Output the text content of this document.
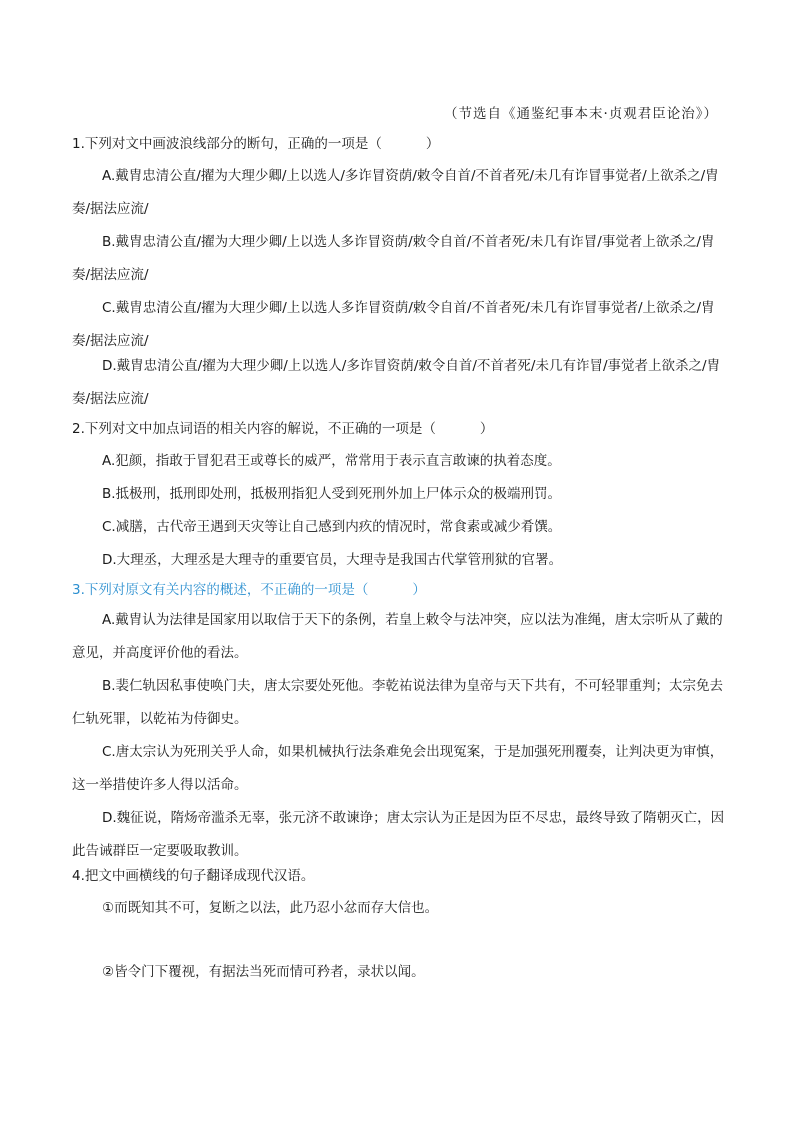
（节选自《通鉴纪事本末·贞观君臣论治》）
1.下列对文中画波浪线部分的断句，正确的一项是（	）
A.戴胄忠清公直/擢为大理少卿/上以选人/多诈冒资荫/敕令自首/不首者死/未几有诈冒事觉者/上欲杀之/胄奏/据法应流/
B.戴胄忠清公直/擢为大理少卿/上以选人多诈冒资荫/敕令自首/不首者死/未几有诈冒/事觉者上欲杀之/胄奏/据法应流/
C.戴胄忠清公直/擢为大理少卿/上以选人多诈冒资荫/敕令自首/不首者死/未几有诈冒事觉者/上欲杀之/胄奏/据法应流/
D.戴胄忠清公直/擢为大理少卿/上以选人/多诈冒资荫/敕令自首/不首者死/未几有诈冒/事觉者上欲杀之/胄奏/据法应流/
2.下列对文中加点词语的相关内容的解说，不正确的一项是（	）
A.犯颜，指敢于冒犯君王或尊长的威严，常常用于表示直言敢谏的执着态度。
B.抵极刑，抵刑即处刑，抵极刑指犯人受到死刑外加上尸体示众的极端刑罚。
C.减膳，古代帝王遇到天灾等让自己感到内疚的情况时，常食素或减少肴馔。
D.大理丞，大理丞是大理寺的重要官员，大理寺是我国古代掌管刑狱的官署。
3.下列对原文有关内容的概述，不正确的一项是（	）
A.戴胄认为法律是国家用以取信于天下的条例，若皇上敕令与法冲突，应以法为准绳，唐太宗听从了戴的意见，并高度评价他的看法。
B.裴仁轨因私事使唤门夫，唐太宗要处死他。李乾祐说法律为皇帝与天下共有，不可轻罪重判；太宗免去仁轨死罪，以乾祐为侍御史。
C.唐太宗认为死刑关乎人命，如果机械执行法条难免会出现冤案，于是加强死刑覆奏，让判决更为审慎，这一举措使许多人得以活命。
D.魏征说，隋炀帝滥杀无辜，张元济不敢谏诤；唐太宗认为正是因为臣不尽忠，最终导致了隋朝灭亡，因此告诫群臣一定要吸取教训。
4.把文中画横线的句子翻译成现代汉语。
①而既知其不可，复断之以法，此乃忍小忿而存大信也。
②皆令门下覆视，有据法当死而情可矜者，录状以闻。
